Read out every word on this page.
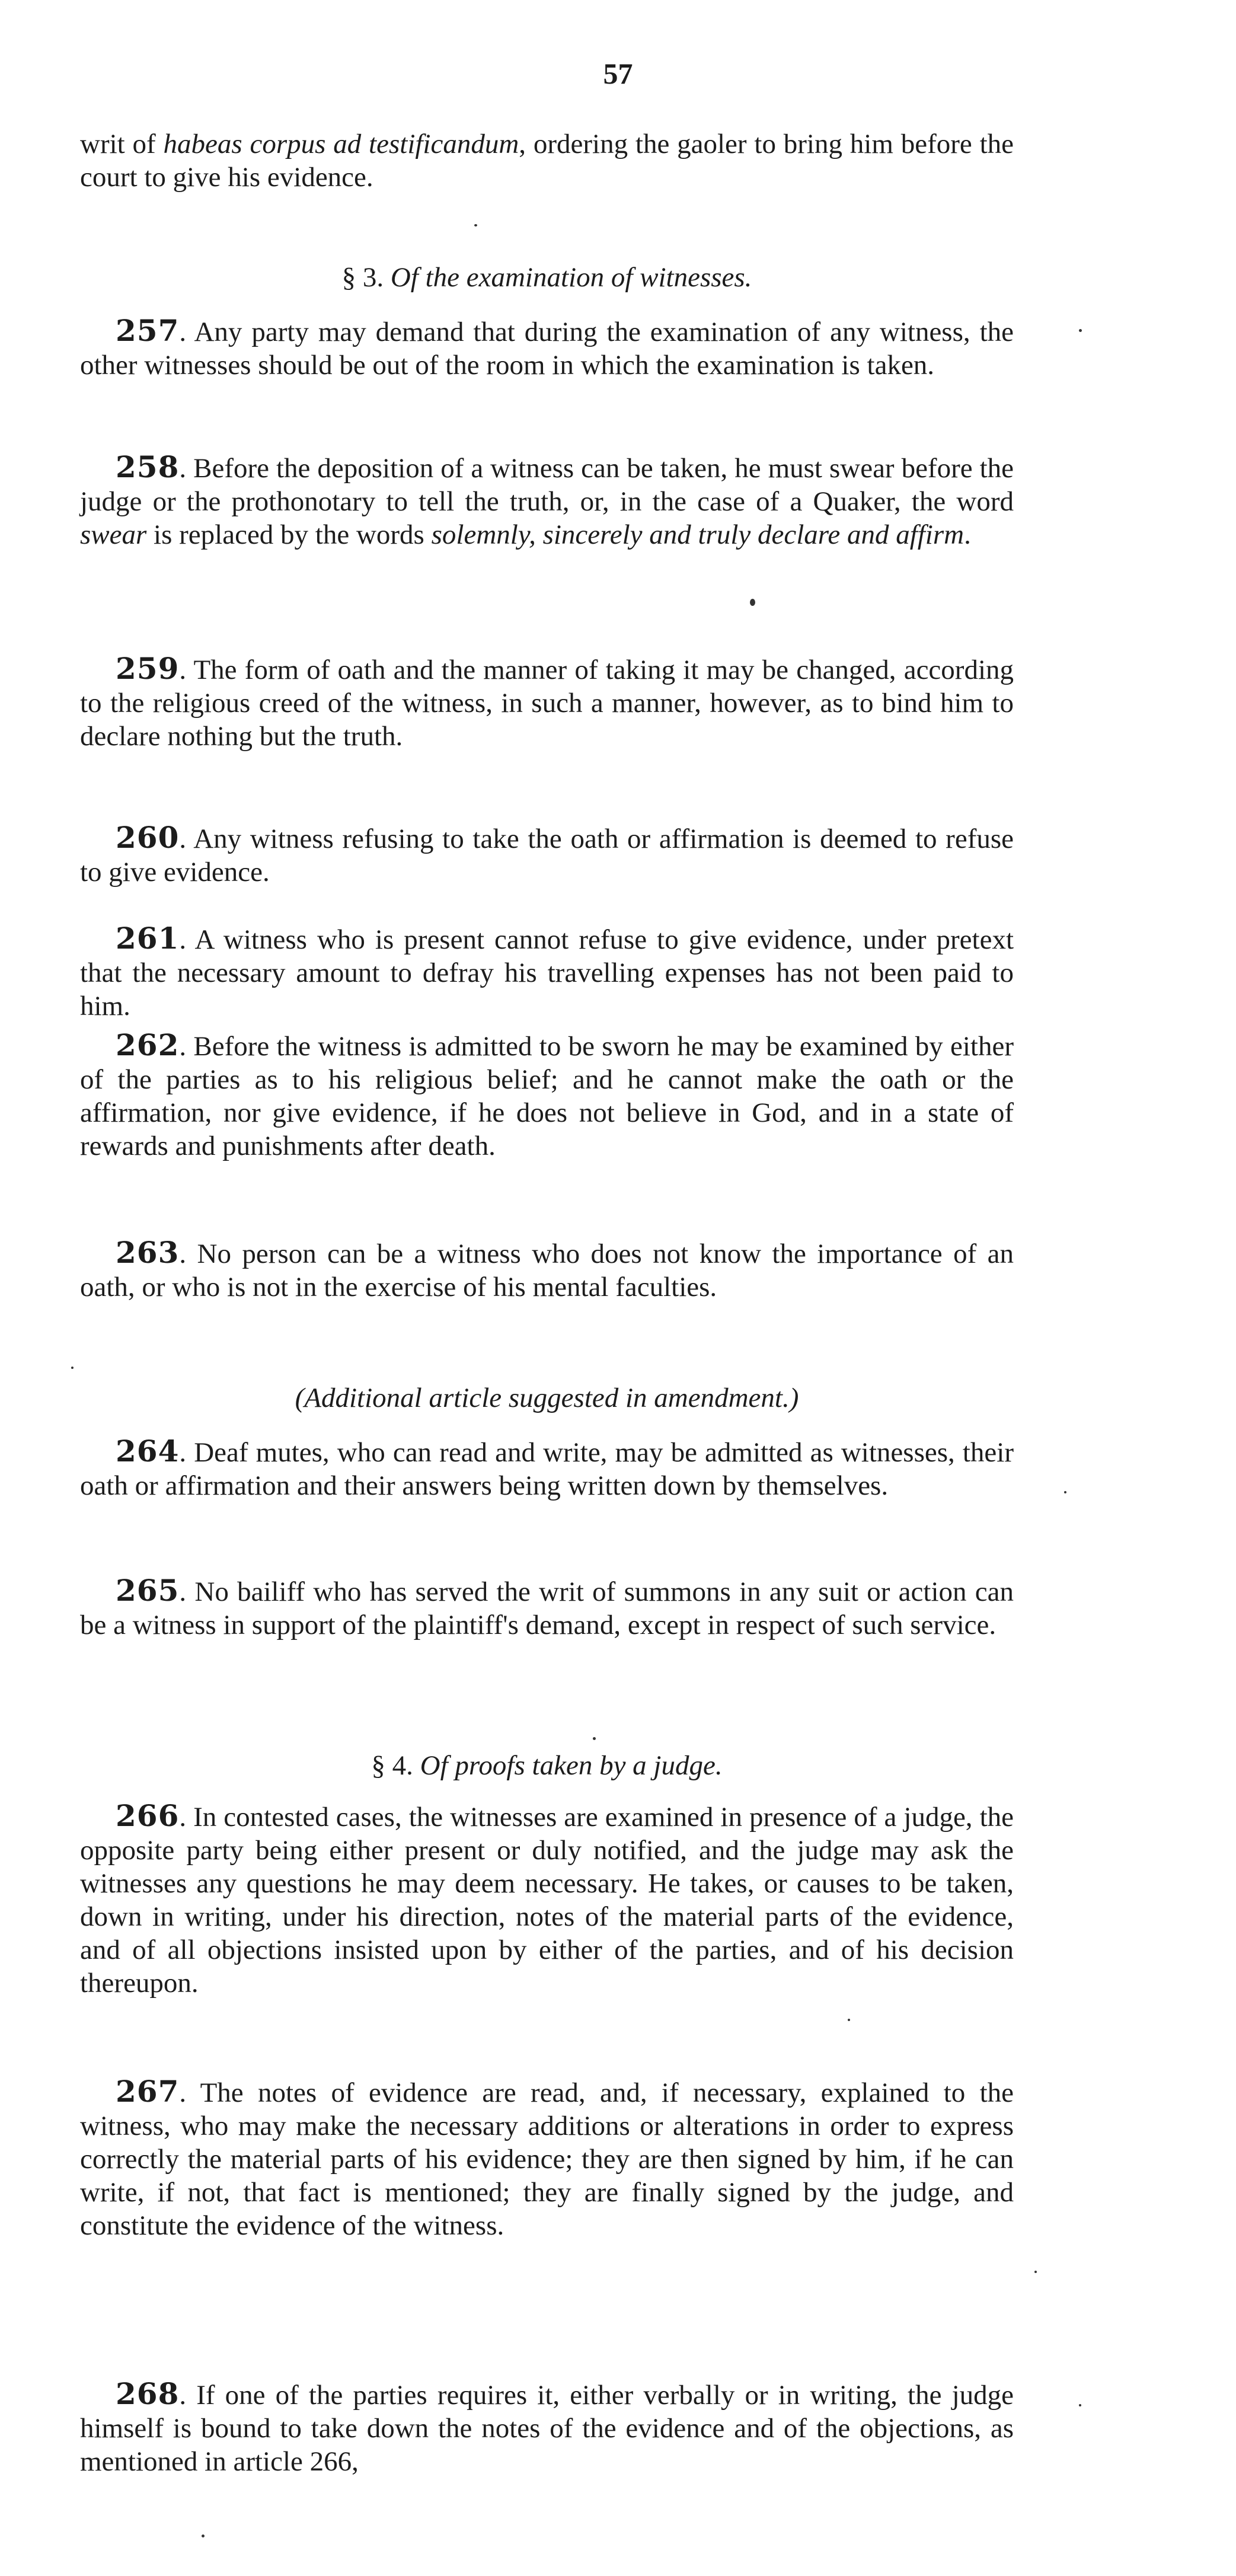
57

writ of habeas corpus ad testificandum, ordering the gaoler to bring him before the court to give his evidence.

§ 3. Of the examination of witnesses.

257. Any party may demand that during the examination of any witness, the other witnesses should be out of the room in which the examination is taken.

258. Before the deposition of a witness can be taken, he must swear before the judge or the prothonotary to tell the truth, or, in the case of a Quaker, the word swear is replaced by the words solemnly, sincerely and truly declare and affirm.

259. The form of oath and the manner of taking it may be changed, according to the religious creed of the witness, in such a manner, however, as to bind him to declare nothing but the truth.

260. Any witness refusing to take the oath or affirmation is deemed to refuse to give evidence.

261. A witness who is present cannot refuse to give evidence, under pretext that the necessary amount to defray his travelling expenses has not been paid to him.

262. Before the witness is admitted to be sworn he may be examined by either of the parties as to his religious belief; and he cannot make the oath or the affirmation, nor give evidence, if he does not believe in God, and in a state of rewards and punishments after death.

263. No person can be a witness who does not know the importance of an oath, or who is not in the exercise of his mental faculties.

(Additional article suggested in amendment.)

264. Deaf mutes, who can read and write, may be admitted as witnesses, their oath or affirmation and their answers being written down by themselves.

265. No bailiff who has served the writ of summons in any suit or action can be a witness in support of the plaintiff's demand, except in respect of such service.

§ 4. Of proofs taken by a judge.

266. In contested cases, the witnesses are examined in presence of a judge, the opposite party being either present or duly notified, and the judge may ask the witnesses any questions he may deem necessary. He takes, or causes to be taken, down in writing, under his direction, notes of the material parts of the evidence, and of all objections insisted upon by either of the parties, and of his decision thereupon.

267. The notes of evidence are read, and, if necessary, explained to the witness, who may make the necessary additions or alterations in order to express correctly the material parts of his evidence; they are then signed by him, if he can write, if not, that fact is mentioned; they are finally signed by the judge, and constitute the evidence of the witness.

268. If one of the parties requires it, either verbally or in writing, the judge himself is bound to take down the notes of the evidence and of the objections, as mentioned in article 266,
